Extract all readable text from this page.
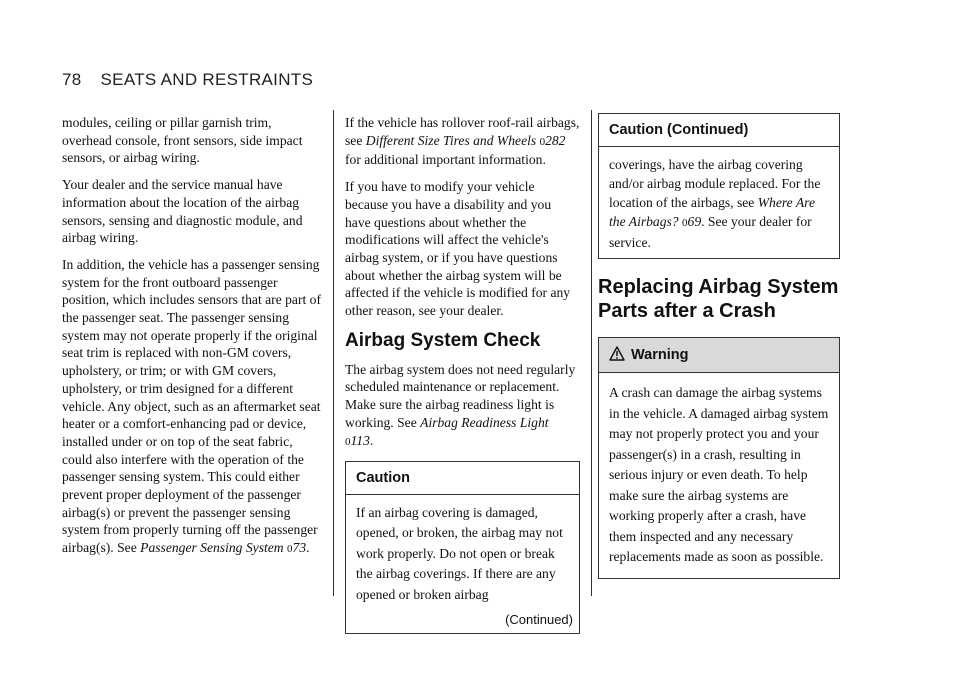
78 SEATS AND RESTRAINTS

modules, ceiling or pillar garnish trim, overhead console, front sensors, side impact sensors, or airbag wiring.

Your dealer and the service manual have information about the location of the airbag sensors, sensing and diagnostic module, and airbag wiring.

In addition, the vehicle has a passenger sensing system for the front outboard passenger position, which includes sensors that are part of the passenger seat. The passenger sensing system may not operate properly if the original seat trim is replaced with non-GM covers, upholstery, or trim; or with GM covers, upholstery, or trim designed for a different vehicle. Any object, such as an aftermarket seat heater or a comfort-enhancing pad or device, installed under or on top of the seat fabric, could also interfere with the operation of the passenger sensing system. This could either prevent proper deployment of the passenger airbag(s) or prevent the passenger sensing system from properly turning off the passenger airbag(s). See Passenger Sensing System 073.

If the vehicle has rollover roof-rail airbags, see Different Size Tires and Wheels 0282 for additional important information.

If you have to modify your vehicle because you have a disability and you have questions about whether the modifications will affect the vehicle's airbag system, or if you have questions about whether the airbag system will be affected if the vehicle is modified for any other reason, see your dealer.

Airbag System Check

The airbag system does not need regularly scheduled maintenance or replacement. Make sure the airbag readiness light is working. See Airbag Readiness Light 0113.

Caution

If an airbag covering is damaged, opened, or broken, the airbag may not work properly. Do not open or break the airbag coverings. If there are any opened or broken airbag

(Continued)
Caution (Continued)

coverings, have the airbag covering and/or airbag module replaced. For the location of the airbags, see Where Are the Airbags? 069. See your dealer for service.

Replacing Airbag System Parts after a Crash
Warning

A crash can damage the airbag systems in the vehicle. A damaged airbag system may not properly protect you and your passenger(s) in a crash, resulting in serious injury or even death. To help make sure the airbag systems are working properly after a crash, have them inspected and any necessary replacements made as soon as possible.
